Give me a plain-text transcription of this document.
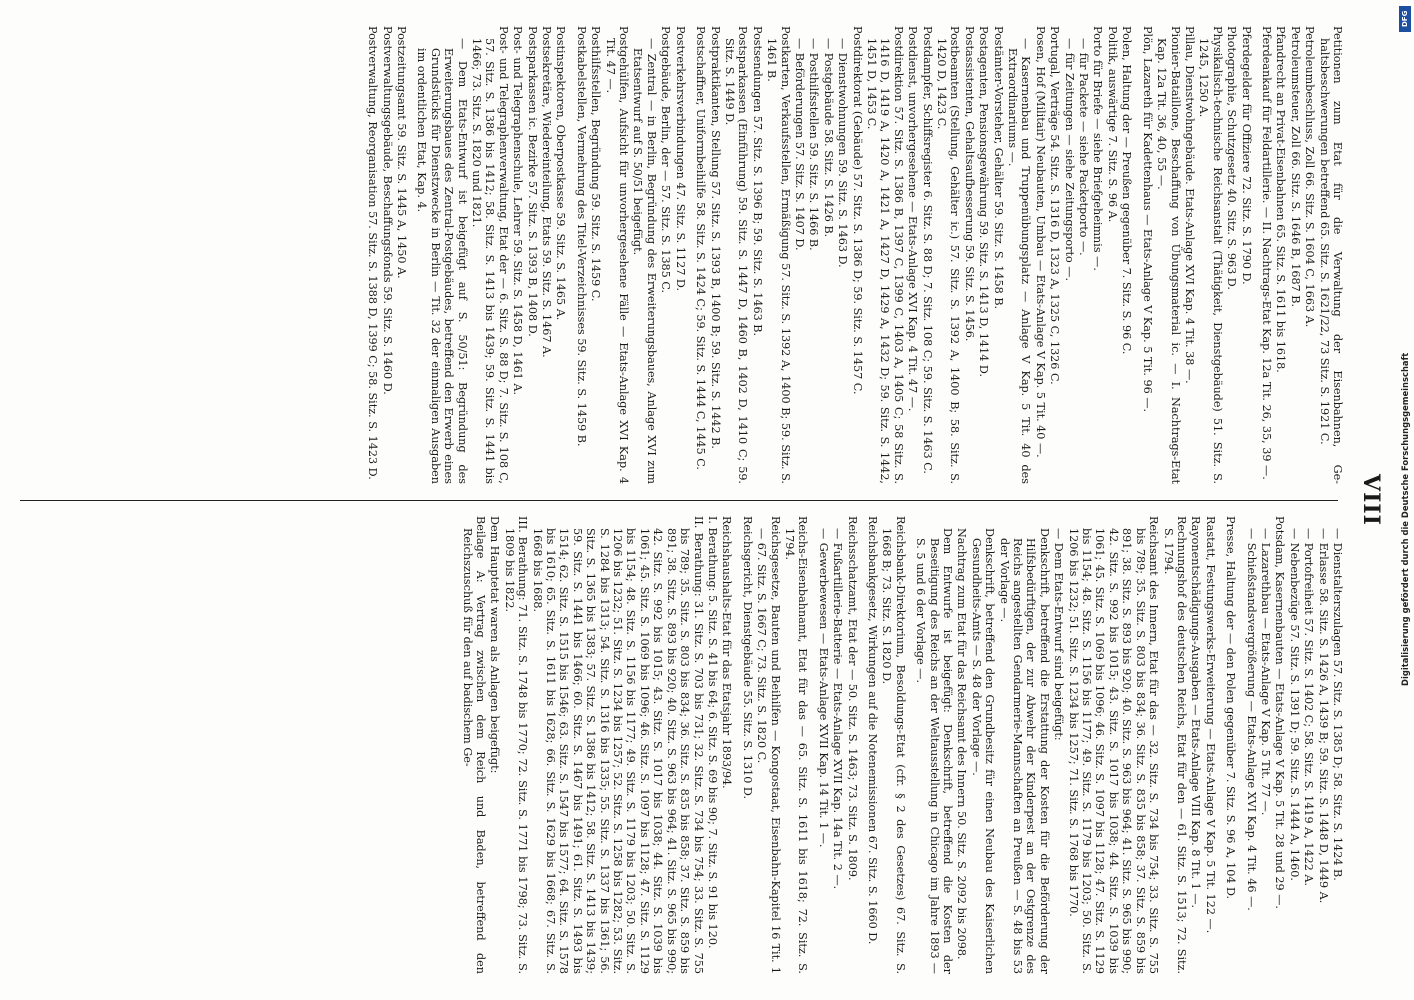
VIII

Petitionen zum Etat für die Verwaltung der Eisenbahnen, Ge-haltsbeschwerungen betreffend 65. Sitz. S. 1621/22, 73 Sitz. S. 1921 C.

Petroleumbeschluss, Zoll 66. Sitz. S. 1604 C, 1663 A.

Petroleumsteuer, Zoll 66. Sitz. S. 1646 B, 1687 B.

Pfandrecht an Privat-Eisenbahnen 65. Sitz. S. 1611 bis 1618.

Pferdeankauf für Feldartillerie. — II. Nachtrags-Etat Kap. 12a Tit. 26, 35, 39 —.

Pferdegelder für Offiziere 72. Sitz. S. 1790 D.

Photographie, Schutzgesetz 40. Sitz. S. 963 D.

Physikalisch-technische Reichsanstalt (Thätigkeit, Dienstgebäude) 51. Sitz. S. 1245, 1250 A.

Pillau, Dienstwohngebäude. Etats-Anlage XVI Kap. 4 Tit. 38 —.

Pionier-Bataillone, Beschaffung von Übungsmaterial ic. — I. Nachtrags-Etat Kap. 12a Tit. 36, 40, 55 —.

Plön, Lazareth für Kadettenhaus — Etats-Anlage V Kap. 5 Tit. 96 —.

Polen, Haltung der — Preußen gegenüber 7. Sitz. S. 96 C.

Politik, auswärtige 7. Sitz. S. 96 A.

Porto für Briefe — siehe Briefgeheimnis —.

— für Packete — siehe Packetporto —.

— für Zeitungen — siehe Zeitungsporto —.

Portugal, Verträge 54. Sitz. S. 1316 D, 1323 A, 1325 C, 1326 C.

Posen, Hof (Militair) Neubauten, Umbau — Etats-Anlage V Kap. 5 Tit. 40 —.

— Kasernenbau und Truppenübungsplatz — Anlage V Kap. 5 Tit. 40 des Extraordinariums —.

Postämter-Vorsteher, Gehälter 59. Sitz. S. 1458 B.

Postagenten, Pensionsgewährung 59. Sitz. S. 1413 D, 1414 D.

Postassistenten, Gehaltsaufbesserung 59. Sitz. S. 1456.

Postbeamten (Stellung, Gehälter ic.) 57. Sitz. S. 1392 A, 1400 B; 58. Sitz. S. 1420 D, 1423 C.

Postdampfer, Schiffsregister 6. Sitz. S. 88 D; 7. Sitz. 108 C; 59. Sitz. S. 1463 C.

Postdienst, unvorhergesehene — Etats-Anlage XVI Kap. 4 Tit. 47 —.

Postdirektion 57. Sitz. S. 1386 B, 1397 C, 1399 C, 1403 A, 1405 C; 58 Sitz. S. 1416 D, 1419 A, 1420 A, 1421 A, 1427 D, 1429 A, 1432 D; 59. Sitz. S. 1442, 1451 D, 1453 C.

Postdirektorat (Gebäude) 57. Sitz. S. 1386 D; 59. Sitz. S. 1457 C.

— Dienstwohnungen 59. Sitz. S. 1463 D.

— Postgebäude 58. Sitz. S. 1426 B.

— Posthilfsstellen 59. Sitz. S. 1466 B.

— Beförderungen 57. Sitz. S. 1407 D.

Postkarten, Verkaufsstellen, Ermäßigung 57. Sitz. S. 1392 A, 1400 B; 59. Sitz. S. 1461 B.

Postsendungen 57. Sitz. S. 1396 B; 59. Sitz. S. 1463 B.

Postsparkassen (Einführung) 59. Sitz. S. 1447 D, 1460 B, 1402 D, 1410 C; 59. Sitz. S. 1449 D.

Postpraktikanten, Stellung 57. Sitz. S. 1393 B, 1400 B; 59. Sitz. S. 1442 B.

Postschaffner, Uniformbeihilfe 58. Sitz. S. 1424 C; 59. Sitz. S. 1444 C, 1445 C.

Postverkehrsverbindungen 47. Sitz. S. 1127 D.

Postgebäude, Berlin, der — 57. Sitz. S. 1385 C.

— Zentral — in Berlin, Begründung des Erweiterungsbaues, Anlage XVI zum Etatsentwurf auf S. 50/51 beigefügt.

Postgehülfen, Aufsicht für unvorhergesehene Fälle — Etats-Anlage XVI Kap. 4 Tit. 47 —.

Posthilfsstellen, Begründung 59. Sitz. S. 1459 C.

Postkabelstellen, Vermehrung des Titel-Verzeichnisses 59. Sitz. S. 1459 B.

Postinspektoren, Oberpostkasse 59. Sitz. S. 1465 A.

Postsekretäre, Wiedereinteilung, Etats 59. Sitz. S. 1467 A.

Postsparkassen ic. Bezirke 57. Sitz. S. 1393 B, 1408 D.

Post- und Telegraphenschule, Lehrer 59. Sitz. S. 1458 D, 1461 A.

Post- und Telegraphenverwaltung, Etat der — 6. Sitz. S. 88 D; 7. Sitz. S. 108 C, 57. Sitz. S. 1386 bis 1412; 58. Sitz. S. 1413 bis 1439; 59. Sitz. S. 1441 bis 1466; 73. Sitz. S. 1820 und 1821.

— Dem Etats-Entwurf ist beigefügt auf S. 50/51: Begründung des Erweiterungsbaues des Zentral-Postgebäudes, betreffend den Erwerb eines Grundstücks für Dienstzwecke in Berlin — Tit. 32 der einmaligen Ausgaben im ordentlichen Etat, Kap. 4.

Postzeitungsamt 59. Sitz. S. 1445 A, 1450 A.

Postverwaltungsgebäude, Beschaffungsfonds 59. Sitz. S. 1460 D.

Postverwaltung, Reorganisation 57. Sitz. S. 1388 D, 1399 C; 58. Sitz. S. 1423 D.

— Dienstalterszulagen 57. Sitz. S. 1385 D; 58. Sitz. S. 1424 B.

— Erlasse 58. Sitz. S. 1426 A, 1439 B; 59. Sitz. S. 1448 D, 1449 A.

— Portofreiheit 57. Sitz. S. 1402 C; 58. Sitz. S. 1419 A, 1422 A.

— Nebenbezüge 57. Sitz. S. 1391 D; 59. Sitz. S. 1444 A, 1460.

Potsdam, Kasernenbauten — Etats-Anlage V Kap. 5 Tit. 28 und 29 —.

— Lazarethbau — Etats-Anlage V Kap. 5 Tit. 77 —.

— Schießstandsvergrößerung — Etats-Anlage XVI Kap. 4 Tit. 46 —.

Presse, Haltung der — den Polen gegenüber 7. Sitz. S. 96 A, 104 D.

Rastatt, Festungswerks-Erweiterung — Etats-Anlage V Kap. 5 Tit. 122 —.

Rayonentschädigungs-Ausgaben — Etats-Anlage VIII Kap. 8 Tit. 1 —.

Rechnungshof des deutschen Reichs, Etat für den — 61. Sitz. S. 1513; 72. Sitz. S. 1794.

Reichsamt des Innern, Etat für das — 32. Sitz. S. 734 bis 754; 33. Sitz. S. 755 bis 789; 35. Sitz. S. 803 bis 834; 36. Sitz. S. 835 bis 858; 37. Sitz. S. 859 bis 891; 38. Sitz. S. 893 bis 920; 40. Sitz. S. 963 bis 964; 41. Sitz. S. 965 bis 990; 42. Sitz. S. 992 bis 1015; 43. Sitz. S. 1017 bis 1038; 44. Sitz. S. 1039 bis 1061; 45. Sitz. S. 1069 bis 1096; 46. Sitz. S. 1097 bis 1128; 47. Sitz. S. 1129 bis 1154; 48. Sitz. S. 1156 bis 1177; 49. Sitz. S. 1179 bis 1203; 50. Sitz. S. 1206 bis 1232; 51. Sitz. S. 1234 bis 1257; 71. Sitz. S. 1768 bis 1770.

— Dem Etats-Entwurf sind beigefügt:

Denkschrift, betreffend die Erstattung der Kosten für die Beförderung der Hilfsbedürftigen, der zur Abwehr der Kinderpest an der Ostgrenze des Reichs angestellten Gendarmerie-Mannschaften an Preußen — S. 48 bis 53 der Vorlage —.

Denkschrift, betreffend den Grundbesitz für einen Neubau des Kaiserlichen Gesundheits-Amts — S. 48 der Vorlage —.

Nachtrag zum Etat für das Reichsamt des Innern 50. Sitz. S. 2092 bis 2098.

Dem Entwurfe ist beigefügt: Denkschrift, betreffend die Kosten der Beseitigung des Reichs an der Weltausstellung in Chicago im Jahre 1893 — S. 5 und 6 der Vorlage —.

Reichsbank-Direktorium, Besoldungs-Etat (cfr. § 2 des Gesetzes) 67. Sitz. S. 1668 B; 73. Sitz. S. 1820 D.

Reichsbankgesetz, Wirkungen auf die Notenemissionen 67. Sitz. S. 1660 D.

Reichsschatzamt, Etat der — 50. Sitz. S. 1463; 73. Sitz. S. 1809.

— Fußartillerie-Batterie — Etats-Anlage XVII Kap. 14a Tit. 2 —.

— Gewerbewesen — Etats-Anlage XVII Kap. 14 Tit. 1 —.

Reichs-Eisenbahnamt, Etat für das — 65. Sitz. S. 1611 bis 1618; 72. Sitz. S. 1794.

Reichsgesetze, Bauten und Beihilfen — Kongostaat, Eisenbahn-Kapitel 16 Tit. 1 — 67. Sitz. S. 1667 C; 73. Sitz. S. 1820 C.

Reichsgericht, Dienstgebäude 55. Sitz. S. 1310 D.

Reichshaushalts-Etat für das Etatsjahr 1893/94.

I. Berathung: 5. Sitz. S. 41 bis 64; 6. Sitz. S. 69 bis 90; 7. Sitz. S. 91 bis 120.

II. Berathung: 31. Sitz. S. 703 bis 731; 32. Sitz. S. 734 bis 754; 33. Sitz. S. 755 bis 789; 35. Sitz. S. 803 bis 834; 36. Sitz. S. 835 bis 858; 37. Sitz. S. 859 bis 891; 38. Sitz. S. 893 bis 920; 40. Sitz. S. 963 bis 964; 41. Sitz. S. 965 bis 990; 42. Sitz. S. 992 bis 1015; 43. Sitz. S. 1017 bis 1038; 44. Sitz. S. 1039 bis 1061; 45. Sitz. S. 1069 bis 1096; 46. Sitz. S. 1097 bis 1128; 47. Sitz. S. 1129 bis 1154; 48. Sitz. S. 1156 bis 1177; 49. Sitz. S. 1179 bis 1203; 50. Sitz. S. 1206 bis 1232; 51. Sitz. S. 1234 bis 1257; 52. Sitz. S. 1258 bis 1282; 53. Sitz. S. 1284 bis 1313; 54. Sitz. S. 1316 bis 1335; 55. Sitz. S. 1337 bis 1361; 56. Sitz. S. 1365 bis 1383; 57. Sitz. S. 1386 bis 1412; 58. Sitz. S. 1413 bis 1439; 59. Sitz. S. 1441 bis 1466; 60. Sitz. S. 1467 bis 1491; 61. Sitz. S. 1493 bis 1514; 62. Sitz. S. 1515 bis 1546; 63. Sitz. S. 1547 bis 1577; 64. Sitz. S. 1578 bis 1610; 65. Sitz. S. 1611 bis 1628; 66. Sitz. S. 1629 bis 1668; 67. Sitz. S. 1668 bis 1688.

III. Berathung: 71. Sitz. S. 1748 bis 1770; 72. Sitz. S. 1771 bis 1798; 73. Sitz. S. 1809 bis 1822.

Dem Hauptetat waren als Anlagen beigefügt:

Beilage A: Vertrag zwischen dem Reich und Baden, betreffend den Reichszuschuß für den auf badischem Ge-

DFG
Digitalisierung gefördert durch die Deutsche Forschungsgemeinschaft
